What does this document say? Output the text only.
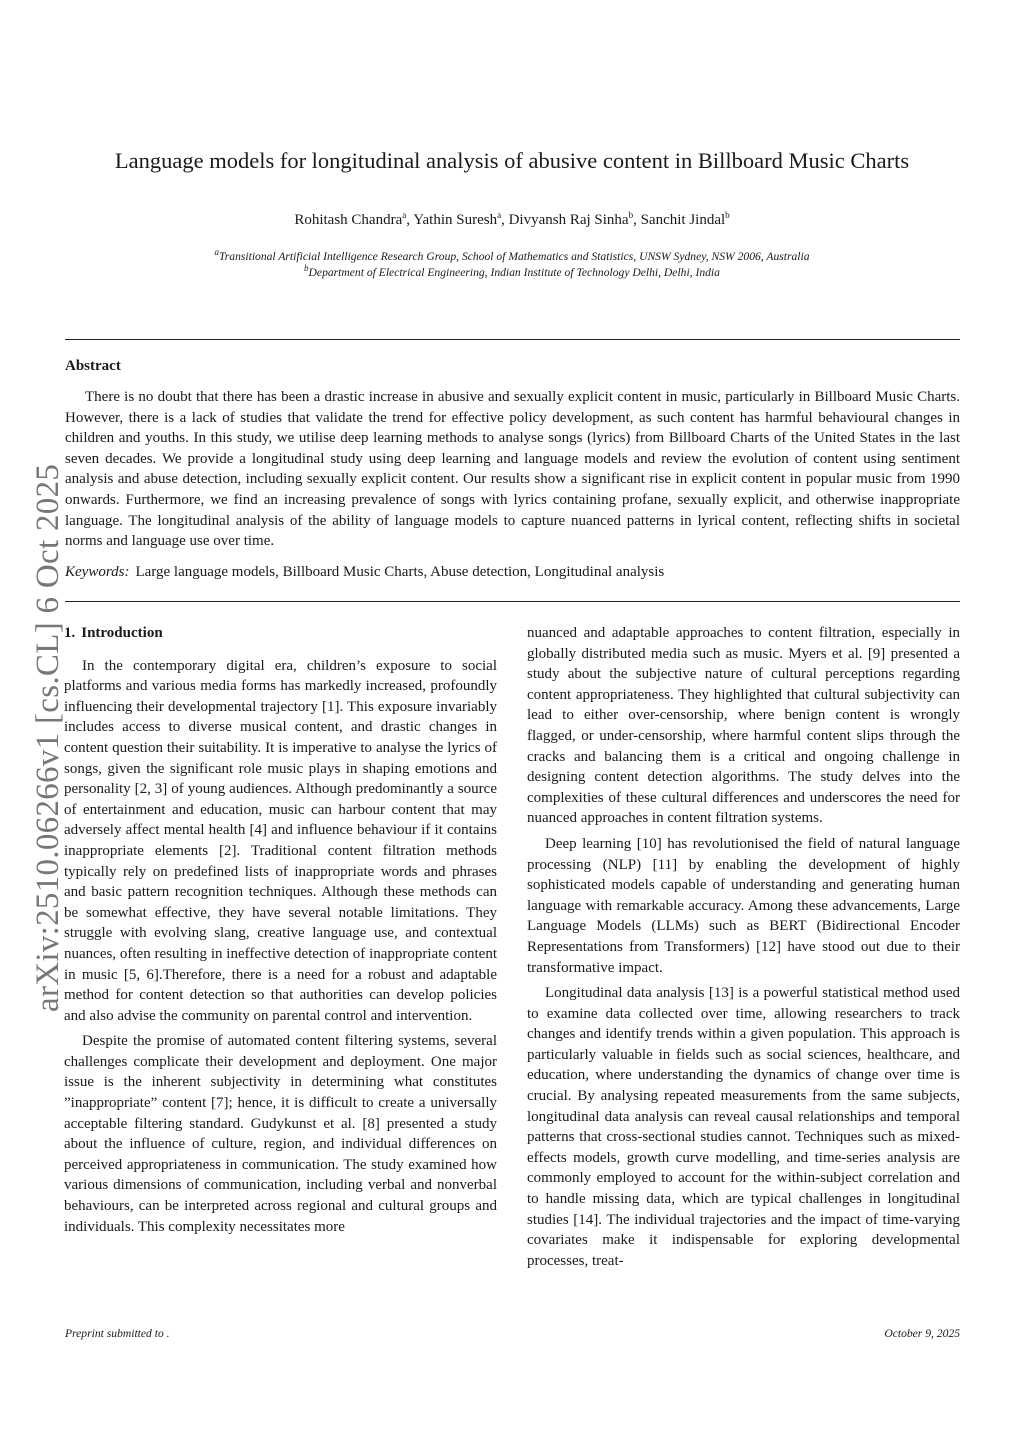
arXiv:2510.06266v1 [cs.CL] 6 Oct 2025
Language models for longitudinal analysis of abusive content in Billboard Music Charts
Rohitash Chandra$^a$, Yathin Suresh$^a$, Divyansh Raj Sinha$^b$, Sanchit Jindal$^b$
$^a$Transitional Artificial Intelligence Research Group, School of Mathematics and Statistics, UNSW Sydney, NSW 2006, Australia
$^b$Department of Electrical Engineering, Indian Institute of Technology Delhi, Delhi, India
Abstract
There is no doubt that there has been a drastic increase in abusive and sexually explicit content in music, particularly in Billboard Music Charts. However, there is a lack of studies that validate the trend for effective policy development, as such content has harmful behavioural changes in children and youths. In this study, we utilise deep learning methods to analyse songs (lyrics) from Billboard Charts of the United States in the last seven decades. We provide a longitudinal study using deep learning and language models and review the evolution of content using sentiment analysis and abuse detection, including sexually explicit content. Our results show a significant rise in explicit content in popular music from 1990 onwards. Furthermore, we find an increasing prevalence of songs with lyrics containing profane, sexually explicit, and otherwise inappropriate language. The longitudinal analysis of the ability of language models to capture nuanced patterns in lyrical content, reflecting shifts in societal norms and language use over time.
Keywords: Large language models, Billboard Music Charts, Abuse detection, Longitudinal analysis
1. Introduction

In the contemporary digital era, children’s exposure to social platforms and various media forms has markedly increased, profoundly influencing their developmental trajectory [1]. This exposure invariably includes access to diverse musical content, and drastic changes in content question their suitability. It is imperative to analyse the lyrics of songs, given the significant role music plays in shaping emotions and personality [2, 3] of young audiences. Although predominantly a source of entertainment and education, music can harbour content that may adversely affect mental health [4] and influence behaviour if it contains inappropriate elements [2]. Traditional content filtration methods typically rely on predefined lists of inappropriate words and phrases and basic pattern recognition techniques. Although these methods can be somewhat effective, they have several notable limitations. They struggle with evolving slang, creative language use, and contextual nuances, often resulting in ineffective detection of inappropriate content in music [5, 6].Therefore, there is a need for a robust and adaptable method for content detection so that authorities can develop policies and also advise the community on parental control and intervention.

Despite the promise of automated content filtering systems, several challenges complicate their development and deployment. One major issue is the inherent subjectivity in determining what constitutes ”inappropriate” content [7]; hence, it is difficult to create a universally acceptable filtering standard. Gudykunst et al. [8] presented a study about the influence of culture, region, and individual differences on perceived appropriateness in communication. The study examined how various dimensions of communication, including verbal and nonverbal behaviours, can be interpreted across regional and cultural groups and individuals. This complexity necessitates more

nuanced and adaptable approaches to content filtration, especially in globally distributed media such as music. Myers et al. [9] presented a study about the subjective nature of cultural perceptions regarding content appropriateness. They highlighted that cultural subjectivity can lead to either over-censorship, where benign content is wrongly flagged, or under-censorship, where harmful content slips through the cracks and balancing them is a critical and ongoing challenge in designing content detection algorithms. The study delves into the complexities of these cultural differences and underscores the need for nuanced approaches in content filtration systems.

Deep learning [10] has revolutionised the field of natural language processing (NLP) [11] by enabling the development of highly sophisticated models capable of understanding and generating human language with remarkable accuracy. Among these advancements, Large Language Models (LLMs) such as BERT (Bidirectional Encoder Representations from Transformers) [12] have stood out due to their transformative impact.

Longitudinal data analysis [13] is a powerful statistical method used to examine data collected over time, allowing researchers to track changes and identify trends within a given population. This approach is particularly valuable in fields such as social sciences, healthcare, and education, where understanding the dynamics of change over time is crucial. By analysing repeated measurements from the same subjects, longitudinal data analysis can reveal causal relationships and temporal patterns that cross-sectional studies cannot. Techniques such as mixed-effects models, growth curve modelling, and time-series analysis are commonly employed to account for the within-subject correlation and to handle missing data, which are typical challenges in longitudinal studies [14]. The individual trajectories and the impact of time-varying covariates make it indispensable for exploring developmental processes, treat-

Preprint submitted to .	October 9, 2025
